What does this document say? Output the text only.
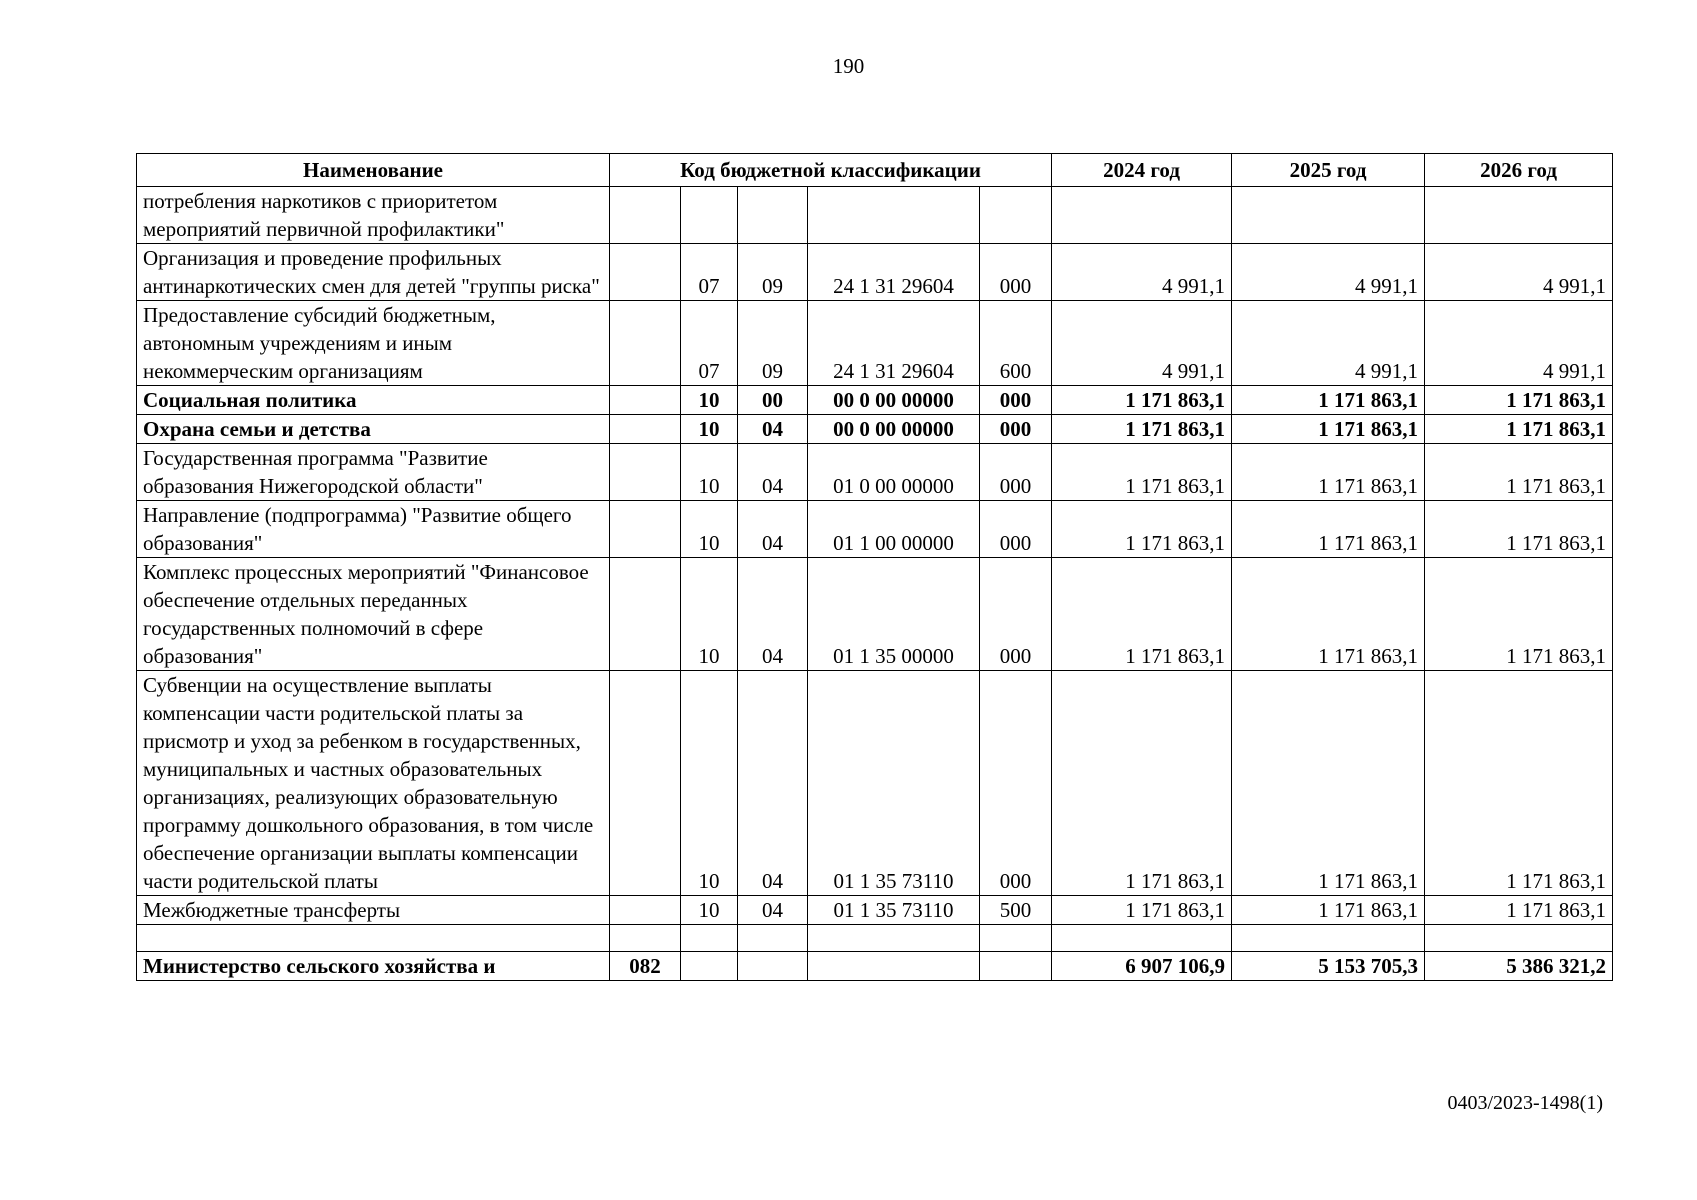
190
Наименование	Код бюджетной классификации					2024 год	2025 год	2026 год
потребления наркотиков с приоритетом мероприятий первичной профилактики"								
Организация и проведение профильных антинаркотических смен для детей "группы риска"		07	09	24 1 31 29604	000	4 991,1	4 991,1	4 991,1
Предоставление субсидий бюджетным, автономным учреждениям и иным некоммерческим организациям		07	09	24 1 31 29604	600	4 991,1	4 991,1	4 991,1
Социальная политика		10	00	00 0 00 00000	000	1 171 863,1	1 171 863,1	1 171 863,1
Охрана семьи и детства		10	04	00 0 00 00000	000	1 171 863,1	1 171 863,1	1 171 863,1
Государственная программа "Развитие образования Нижегородской области"		10	04	01 0 00 00000	000	1 171 863,1	1 171 863,1	1 171 863,1
Направление (подпрограмма) "Развитие общего образования"		10	04	01 1 00 00000	000	1 171 863,1	1 171 863,1	1 171 863,1
Комплекс процессных мероприятий "Финансовое обеспечение отдельных переданных государственных полномочий в сфере образования"		10	04	01 1 35 00000	000	1 171 863,1	1 171 863,1	1 171 863,1
Субвенции на осуществление выплаты компенсации части родительской платы за присмотр и уход за ребенком в государственных, муниципальных и частных образовательных организациях, реализующих образовательную программу дошкольного образования, в том числе обеспечение организации выплаты компенсации части родительской платы		10	04	01 1 35 73110	000	1 171 863,1	1 171 863,1	1 171 863,1
Межбюджетные трансферты		10	04	01 1 35 73110	500	1 171 863,1	1 171 863,1	1 171 863,1

Министерство сельского хозяйства и	082					6 907 106,9	5 153 705,3	5 386 321,2
0403/2023-1498(1)
